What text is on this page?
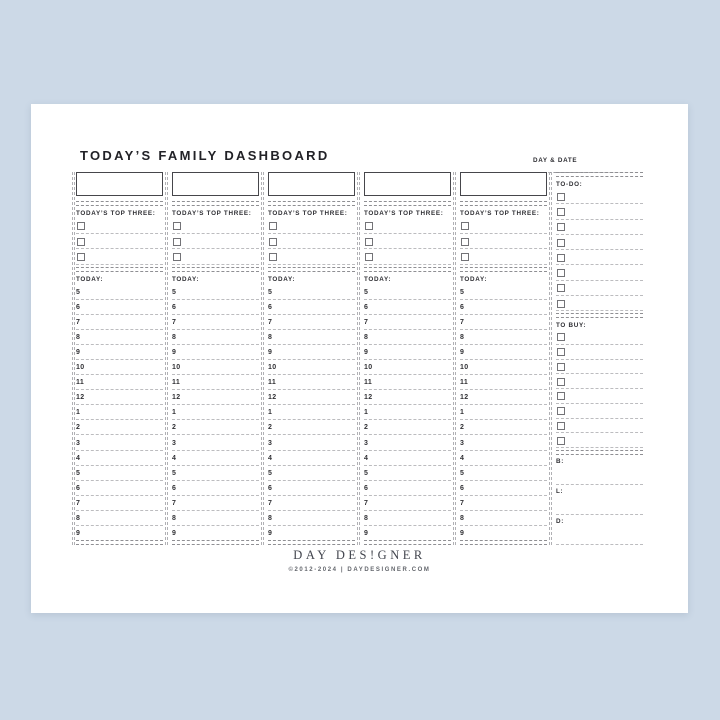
TODAY’S FAMILY DASHBOARD	DAY & DATE
TODAY’S TOP THREE:
TODAY:
5
6
7
8
9
10
11
12
1
2
3
4
5
6
7
8
9
TODAY’S TOP THREE:
TODAY:
5
6
7
8
9
10
11
12
1
2
3
4
5
6
7
8
9
TODAY’S TOP THREE:
TODAY:
5
6
7
8
9
10
11
12
1
2
3
4
5
6
7
8
9
TODAY’S TOP THREE:
TODAY:
5
6
7
8
9
10
11
12
1
2
3
4
5
6
7
8
9
TODAY’S TOP THREE:
TODAY:
5
6
7
8
9
10
11
12
1
2
3
4
5
6
7
8
9
TO-DO:
TO BUY:
B:
L:
D:
DAY DES!GNER
©2012-2024 | DAYDESIGNER.COM
